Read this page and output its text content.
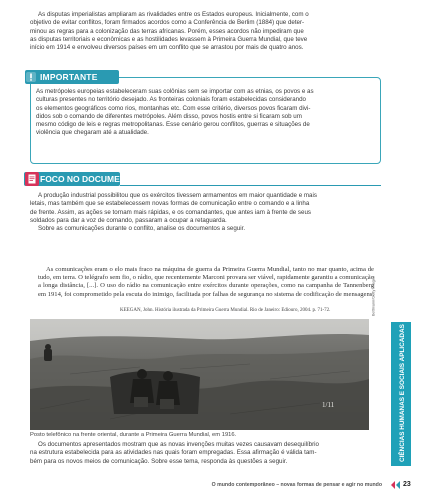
As disputas imperialistas ampliaram as rivalidades entre os Estados europeus. Inicialmente, com o
objetivo de evitar conflitos, foram firmados acordos como a Conferência de Berlim (1884) que deter-
minou as regras para a colonização das terras africanas. Porém, esses acordos não impediram que
as disputas territoriais e econômicas e as hostilidades levassem à Primeira Guerra Mundial, que teve
início em 1914 e envolveu diversos países em um conflito que se arrastou por mais de quatro anos.
IMPORTANTE
As metrópoles europeias estabeleceram suas colônias sem se importar com as etnias, os povos e as
culturas presentes no território desejado. As fronteiras coloniais foram estabelecidas considerando
os elementos geográficos como rios, montanhas etc. Com esse critério, diversos povos ficaram divi-
didos sob o comando de diferentes metrópoles. Além disso, povos hostis entre si ficaram sob um
mesmo código de leis e regras metropolitanas. Esse cenário gerou conflitos, guerras e situações de
violência que chegaram até a atualidade.
FOCO NO DOCUMENTO
A produção industrial possibilitou que os exércitos tivessem armamentos em maior quantidade e mais
letais, mas também que se estabelecessem novas formas de comunicação entre o comando e a linha
de frente. Assim, as ações se tornam mais rápidas, e os comandantes, que antes iam à frente de seus
soldados para dar a voz de comando, passaram a ocupar a retaguarda.
Sobre as comunicações durante o conflito, analise os documentos a seguir.
As comunicações eram o elo mais fraco na máquina de guerra da Primeira Guerra Mundial, tanto no mar quanto, acima de tudo, em terra. O telégrafo sem fio, o rádio, que recentemente Marconi provara ser viável, rapidamente garantiu a comunicação a longa distância, [...]. O uso do rádio na comunicação entre exércitos durante operações, como na campanha de Tannenberg em 1914, foi comprometido pela escuta do inimigo, facilitada por falhas de segurança no sistema de codificação de mensagens.
KEEGAN, John. História ilustrada da Primeira Guerra Mundial. Rio de Janeiro: Ediouro, 2004. p. 71-72.	Bettmann/Getty Images
1/11
Posto telefônico na frente oriental, durante a Primeira Guerra Mundial, em 1916.
Os documentos apresentados mostram que as novas invenções muitas vezes causavam desequilíbrio
na estrutura estabelecida para as atividades nas quais foram empregadas. Essa afirmação é válida tam-
bém para os novos meios de comunicação. Sobre esse tema, responda às questões a seguir.	CIÊNCIAS HUMANAS E SOCIAIS APLICADAS
O mundo contemporâneo – novas formas de pensar e agir no mundo	23
